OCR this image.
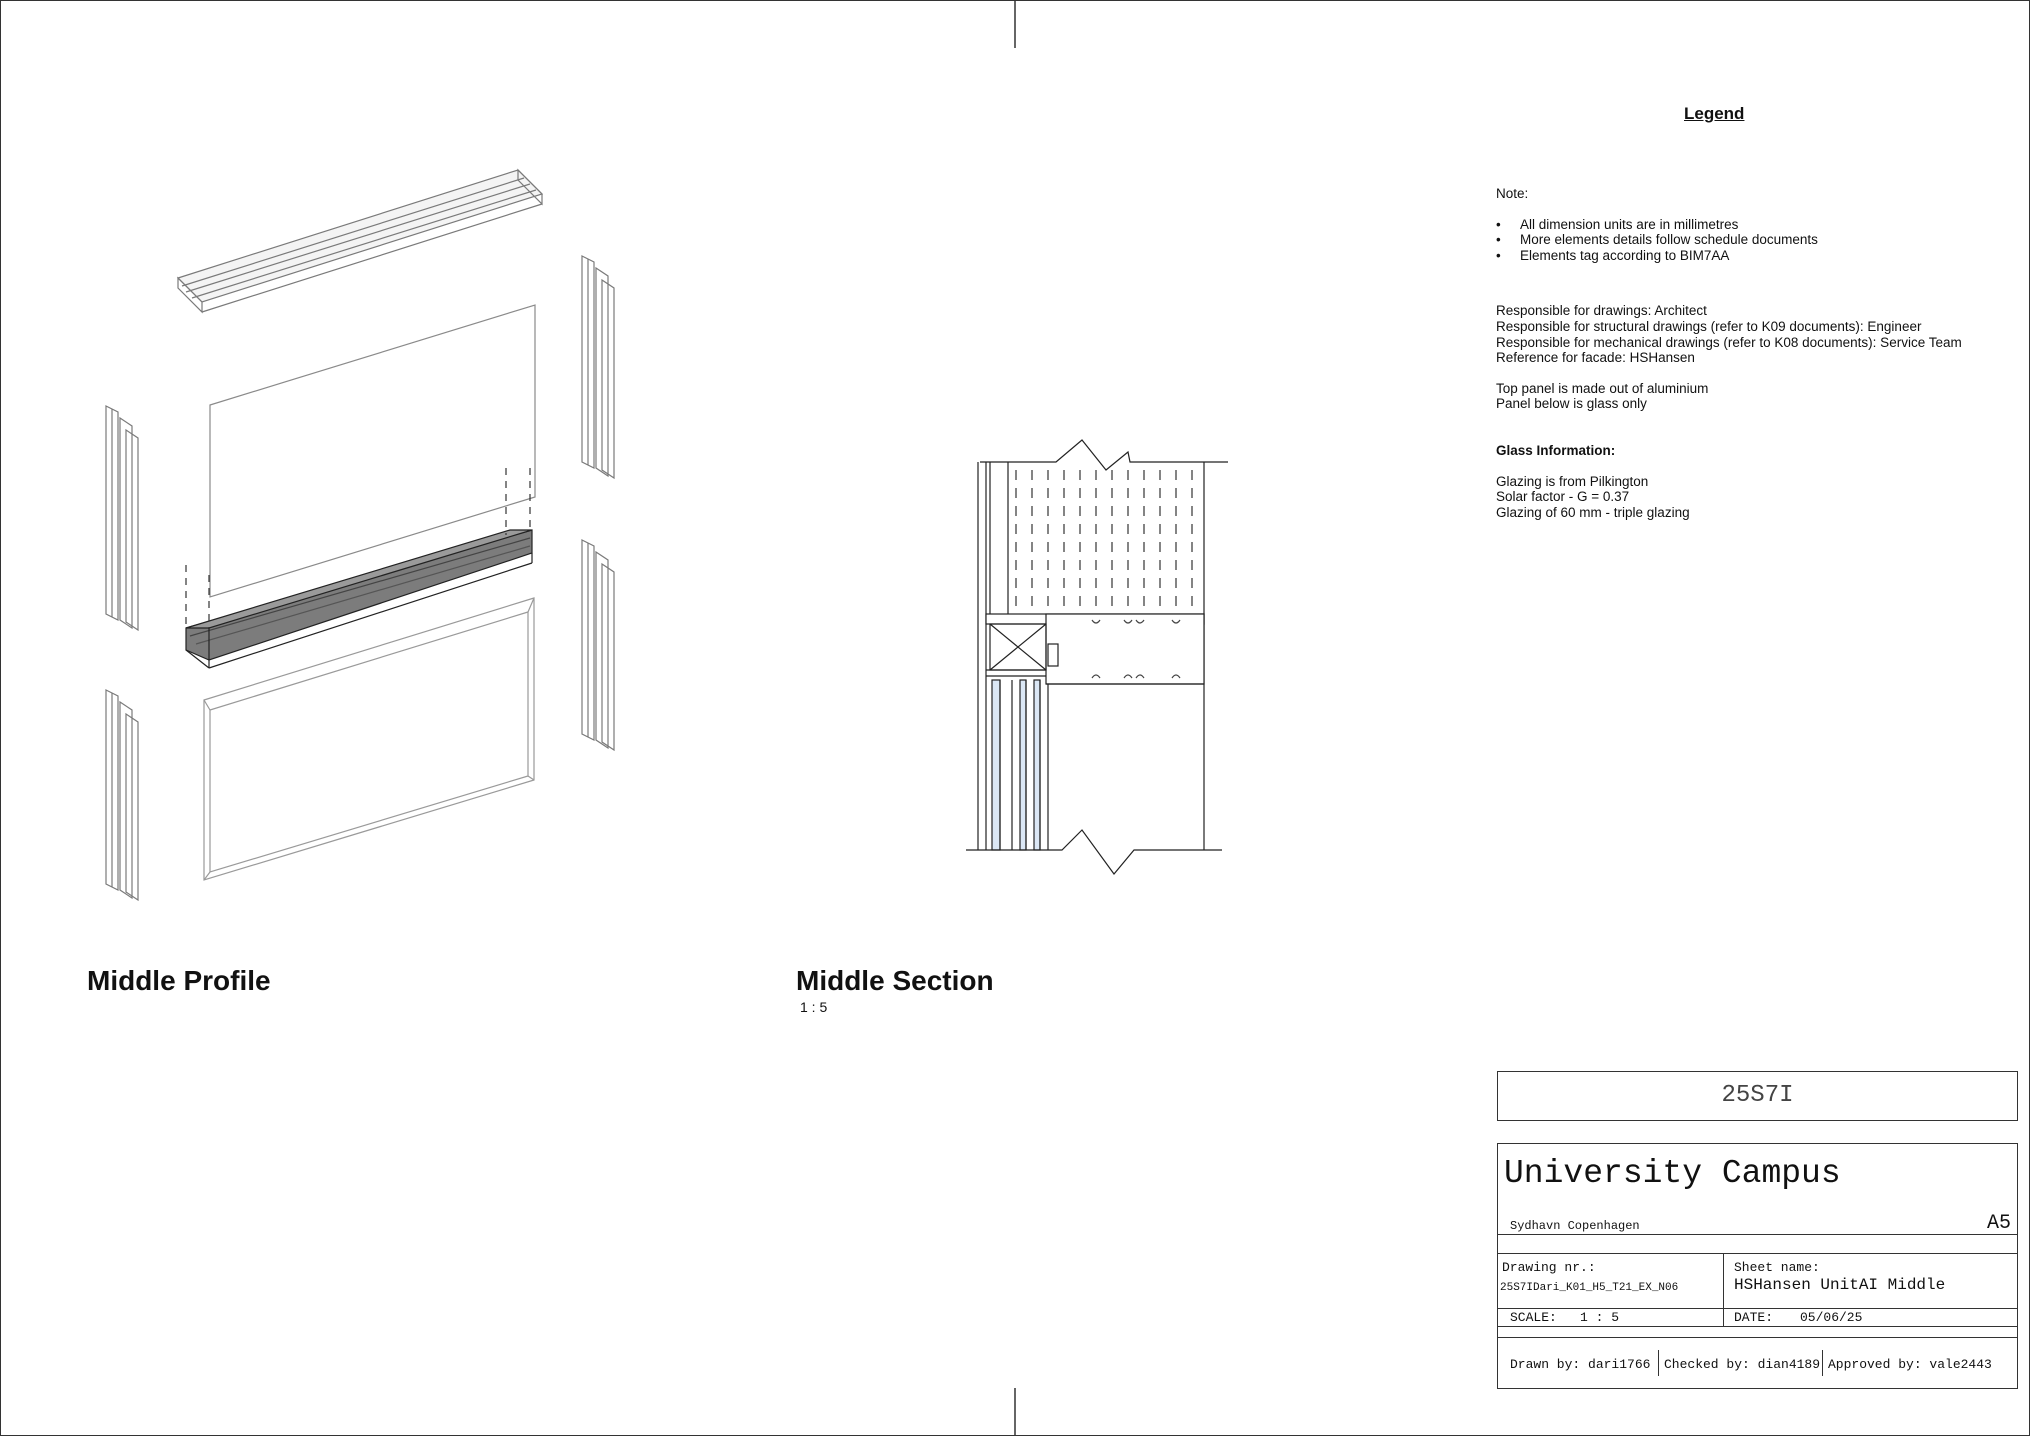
Middle Profile	Middle Section
1 : 5
Legend

Note:

• All dimension units are in millimetres
• More elements details follow schedule documents
• Elements tag according to BIM7AA

Responsible for drawings: Architect

Responsible for structural drawings (refer to K09 documents): Engineer

Responsible for mechanical drawings (refer to K08 documents): Service Team

Reference for facade: HSHansen

Top panel is made out of aluminium

Panel below is glass only

Glass Information:

Glazing is from Pilkington

Solar factor - G = 0.37

Glazing of 60 mm - triple glazing

25S7I
University Campus
Sydhavn Copenhagen	A5
Drawing nr.:
25S7IDari_K01_H5_T21_EX_N06
Sheet name:
HSHansen UnitAI Middle
SCALE: 1 : 5	DATE: 05/06/25
Drawn by: dari1766 Checked by: dian4189 Approved by: vale2443
